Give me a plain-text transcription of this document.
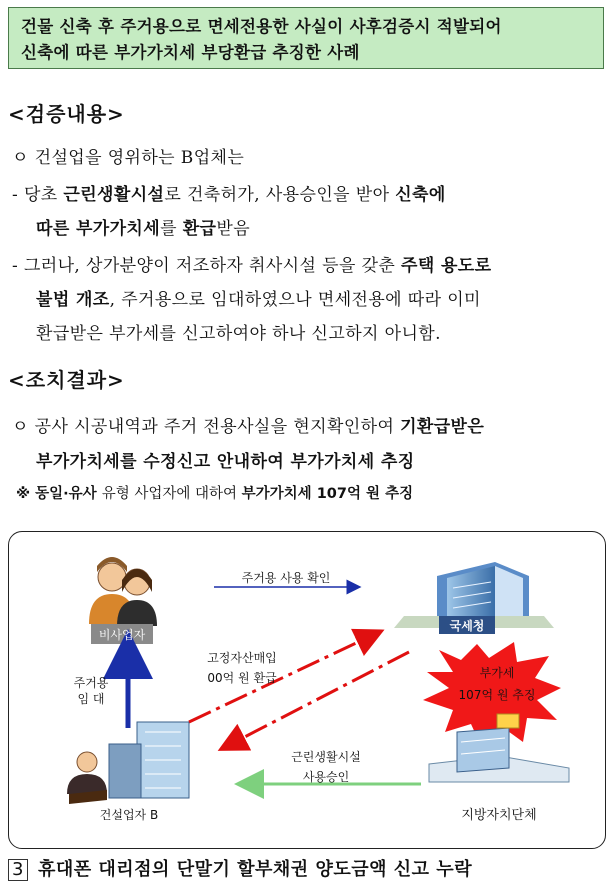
건물 신축 후 주거용으로 면세전용한 사실이 사후검증시 적발되어
신축에 따른 부가가치세 부당환급 추징한 사례
<검증내용>
ㅇ 건설업을 영위하는 B업체는
- 당초 근린생활시설로 건축허가, 사용승인을 받아 신축에
따른 부가가치세를 환급받음
- 그러나, 상가분양이 저조하자 취사시설 등을 갖춘 주택 용도로
불법 개조, 주거용으로 임대하였으나 면세전용에 따라 이미
환급받은 부가세를 신고하여야 하나 신고하지 아니함.
<조치결과>
ㅇ 공사 시공내역과 주거 전용사실을 현지확인하여 기환급받은
부가가치세를 수정신고 안내하여 부가가치세 추징
※ 동일·유사 유형 사업자에 대하여 부가가치세 107억 원 추징
비사업자
국세청
건설업자 B	지방자치단체
주거용 사용 확인
주거용
임 대
고정자산매입
00억 원 환급	부가세
107억 원 추징
근린생활시설
사용승인
3 휴대폰 대리점의 단말기 할부채권 양도금액 신고 누락
